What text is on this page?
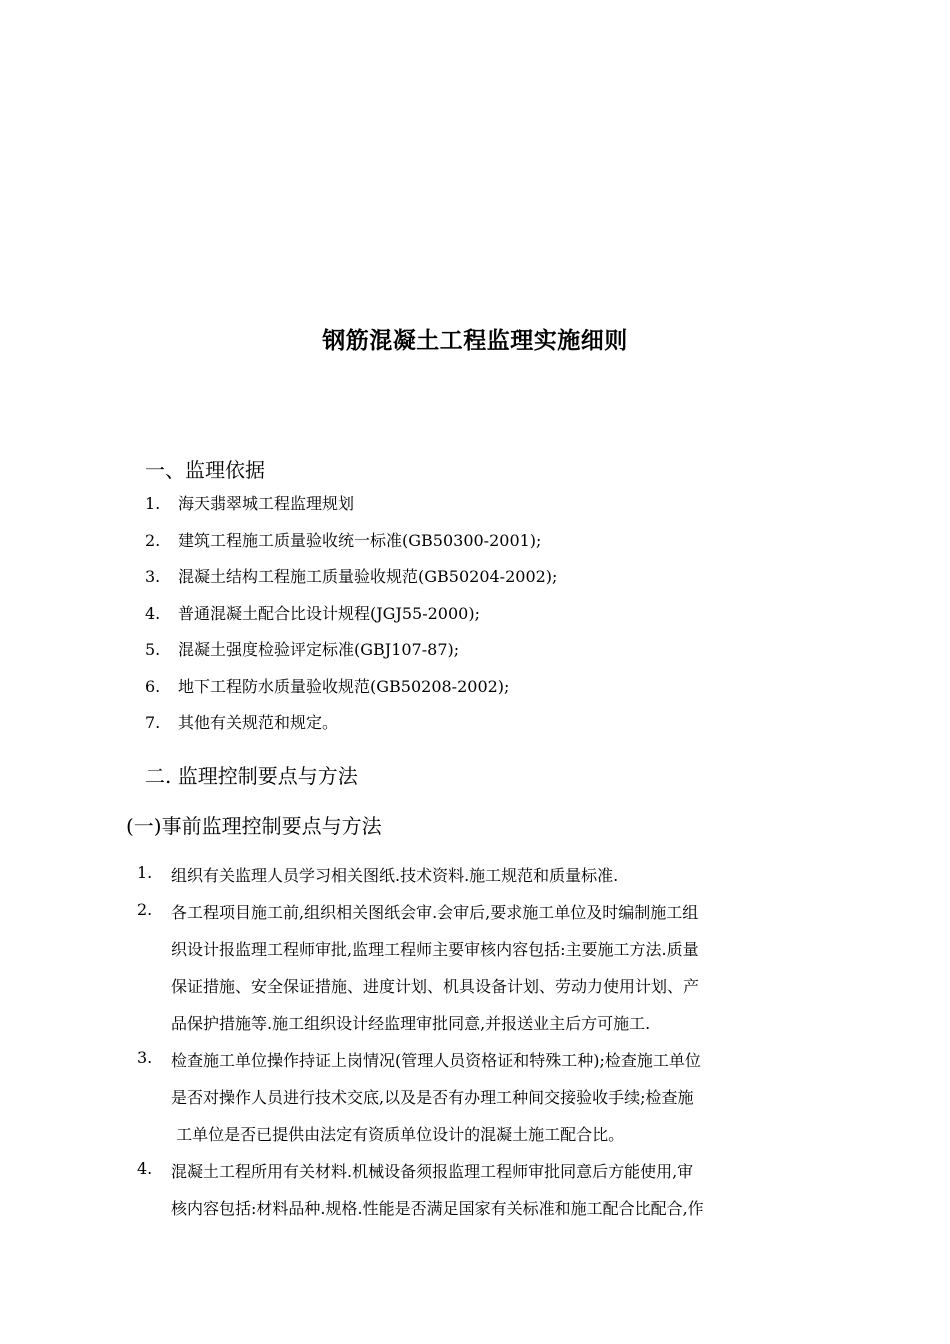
钢筋混凝土工程监理实施细则
一、监理依据
1. 海天翡翠城工程监理规划
2. 建筑工程施工质量验收统一标准(GB50300-2001);
3. 混凝土结构工程施工质量验收规范(GB50204-2002);
4. 普通混凝土配合比设计规程(JGJ55-2000);
5. 混凝土强度检验评定标准(GBJ107-87);
6. 地下工程防水质量验收规范(GB50208-2002);
7. 其他有关规范和规定。
二. 监理控制要点与方法
(一)事前监理控制要点与方法
1. 组织有关监理人员学习相关图纸.技术资料.施工规范和质量标准.
2. 各工程项目施工前,组织相关图纸会审.会审后,要求施工单位及时编制施工组
织设计报监理工程师审批,监理工程师主要审核内容包括:主要施工方法.质量
保证措施、安全保证措施、进度计划、机具设备计划、劳动力使用计划、产
品保护措施等.施工组织设计经监理审批同意,并报送业主后方可施工.
3. 检查施工单位操作持证上岗情况(管理人员资格证和特殊工种);检查施工单位
是否对操作人员进行技术交底,以及是否有办理工种间交接验收手续;检查施
工单位是否已提供由法定有资质单位设计的混凝土施工配合比。
4. 混凝土工程所用有关材料.机械设备须报监理工程师审批同意后方能使用,审
核内容包括:材料品种.规格.性能是否满足国家有关标准和施工配合比配合,作
